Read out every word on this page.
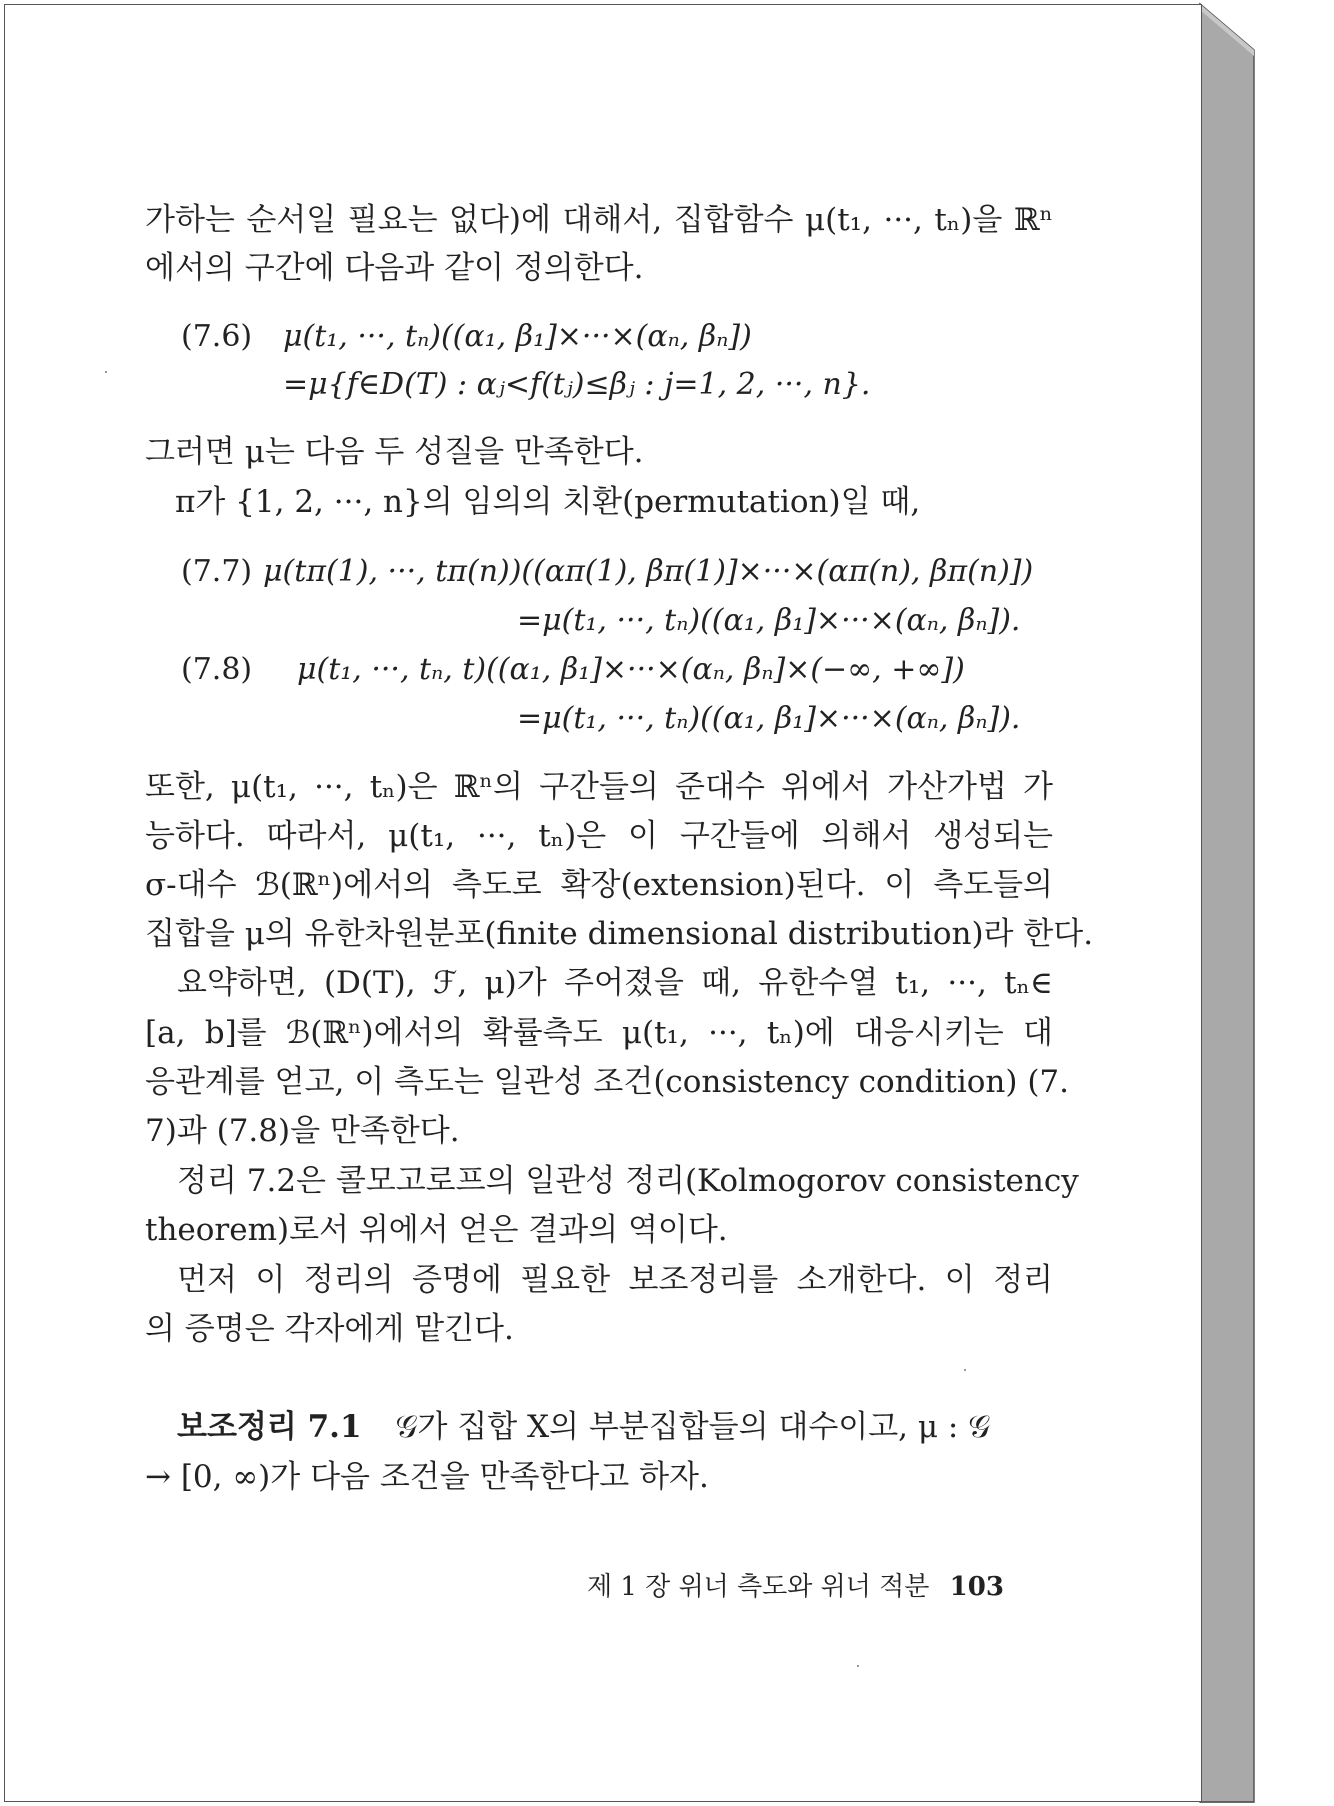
가하는 순서일 필요는 없다)에 대해서, 집합함수 μ(t₁, ···, tₙ)을 ℝⁿ
에서의 구간에 다음과 같이 정의한다.
(7.6) μ(t₁, ···, tₙ)((α₁, β₁]×···×(αₙ, βₙ])
=μ{f∈D(T) : αⱼ<f(tⱼ)≤βⱼ : j=1, 2, ···, n}.
그러면 μ는 다음 두 성질을 만족한다.
π가 {1, 2, ···, n}의 임의의 치환(permutation)일 때,
(7.7) μ(tπ(1), ···, tπ(n))((απ(1), βπ(1)]×···×(απ(n), βπ(n)])
=μ(t₁, ···, tₙ)((α₁, β₁]×···×(αₙ, βₙ]).
(7.8) μ(t₁, ···, tₙ, t)((α₁, β₁]×···×(αₙ, βₙ]×(−∞, +∞])
=μ(t₁, ···, tₙ)((α₁, β₁]×···×(αₙ, βₙ]).
또한, μ(t₁, ···, tₙ)은 ℝⁿ의 구간들의 준대수 위에서 가산가법 가
능하다. 따라서, μ(t₁, ···, tₙ)은 이 구간들에 의해서 생성되는
σ-대수 ℬ(ℝⁿ)에서의 측도로 확장(extension)된다. 이 측도들의
집합을 μ의 유한차원분포(finite dimensional distribution)라 한다.
요약하면, (D(T), ℱ, μ)가 주어졌을 때, 유한수열 t₁, ···, tₙ∈
[a, b]를 ℬ(ℝⁿ)에서의 확률측도 μ(t₁, ···, tₙ)에 대응시키는 대
응관계를 얻고, 이 측도는 일관성 조건(consistency condition) (7.
7)과 (7.8)을 만족한다.
정리 7.2은 콜모고로프의 일관성 정리(Kolmogorov consistency
theorem)로서 위에서 얻은 결과의 역이다.
먼저 이 정리의 증명에 필요한 보조정리를 소개한다. 이 정리
의 증명은 각자에게 맡긴다.
보조정리 7.1 𝒢가 집합 X의 부분집합들의 대수이고, μ : 𝒢
→ [0, ∞)가 다음 조건을 만족한다고 하자.
제 1 장 위너 측도와 위너 적분 103
